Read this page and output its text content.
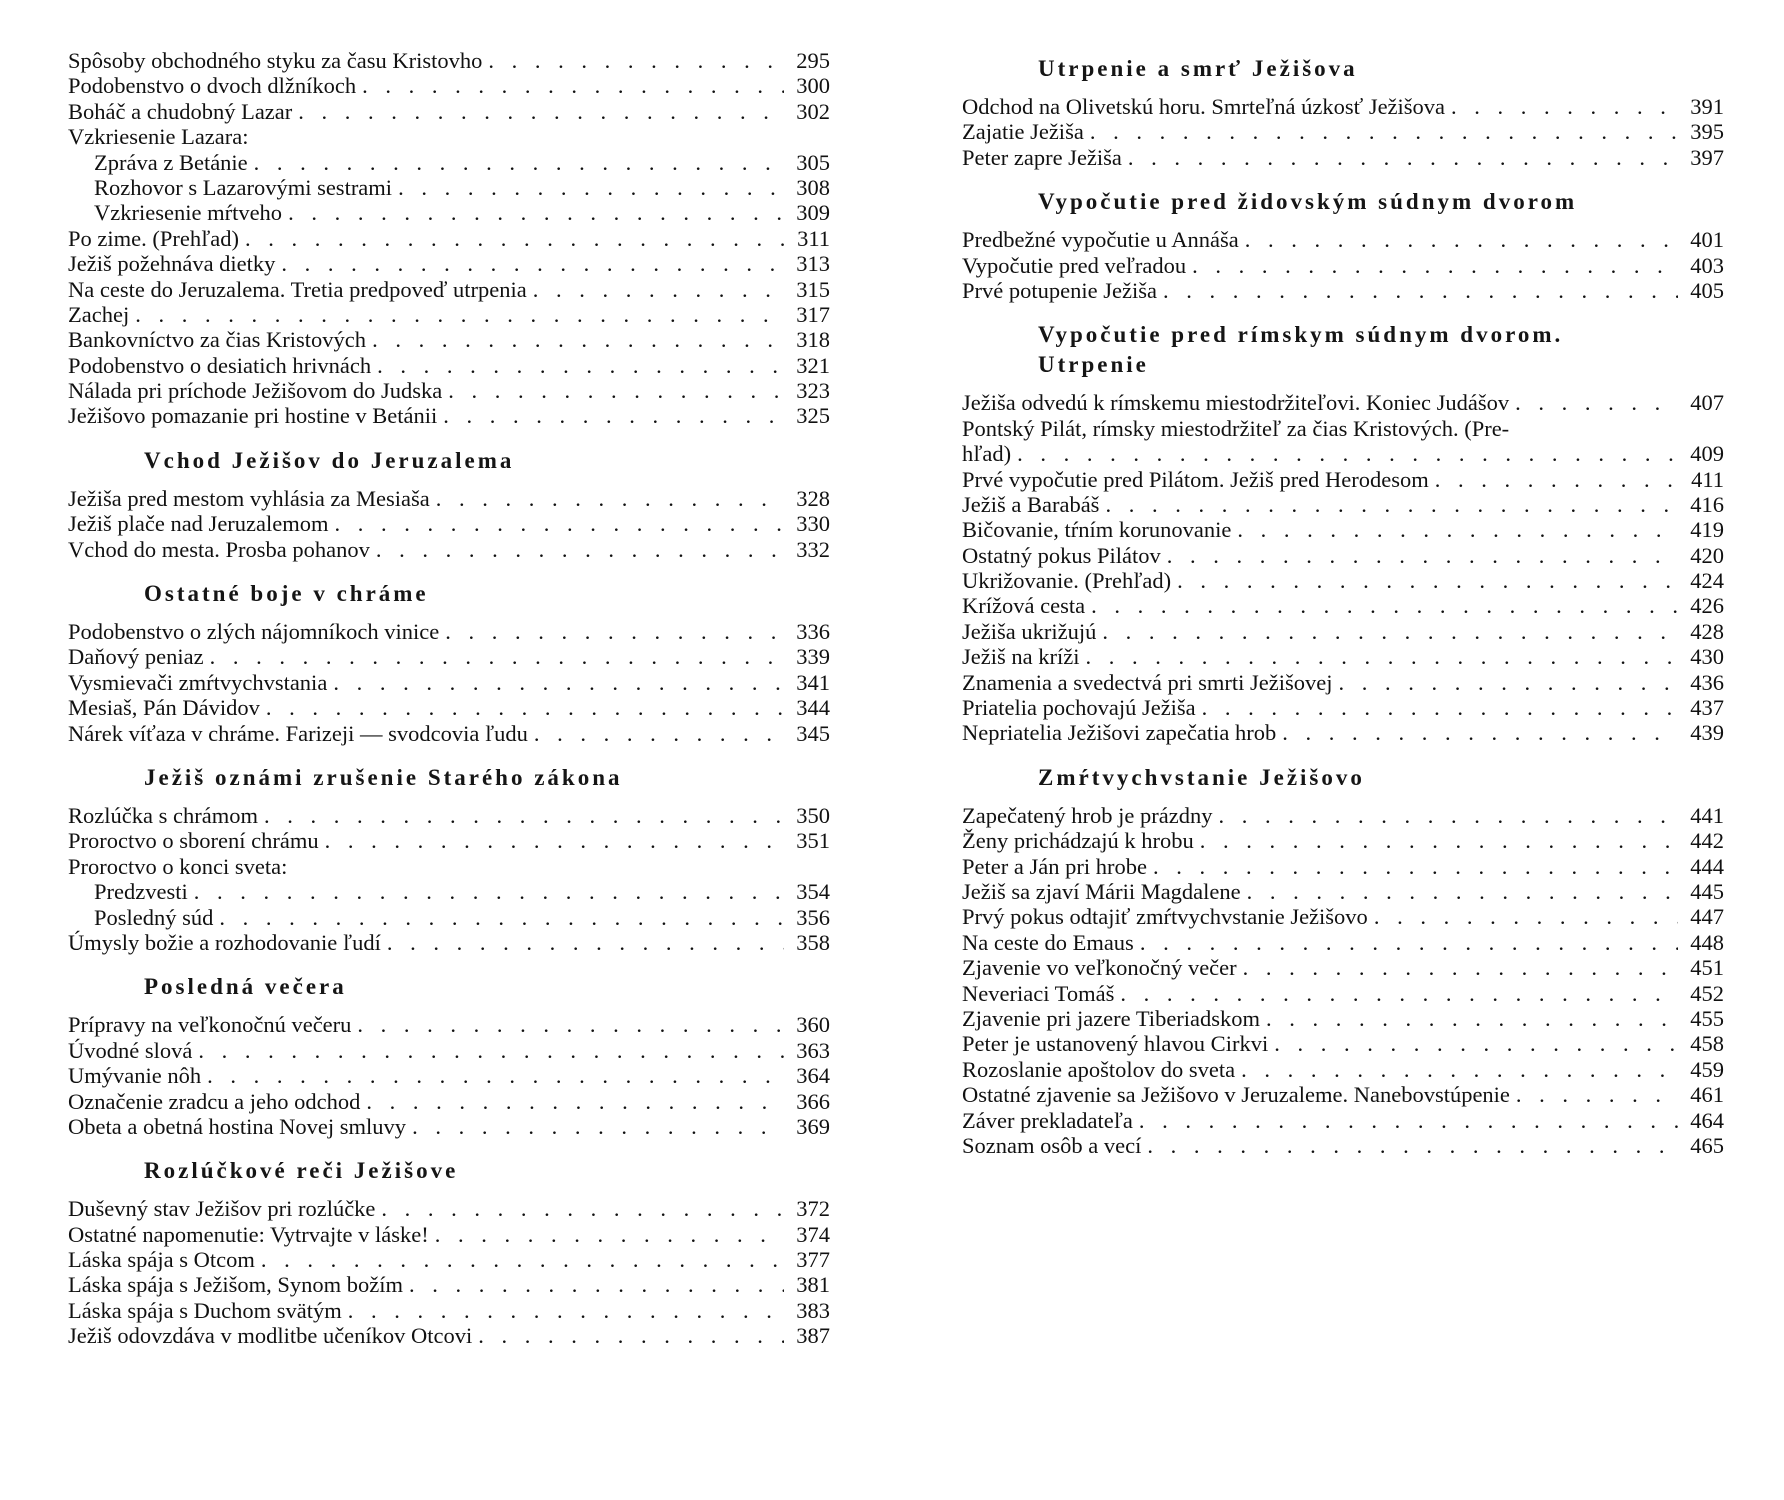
Spôsoby obchodného styku za času Kristovho . . .	295
Podobenstvo o dvoch dlžníkoch . . .	300
Boháč a chudobný Lazar . . .	302
Vzkriesenie Lazara:
Zpráva z Betánie . . .	305
Rozhovor s Lazarovými sestrami . . .	308
Vzkriesenie mŕtveho . . .	309
Po zime. (Prehľad) . . .	311
Ježiš požehnáva dietky . . .	313
Na ceste do Jeruzalema. Tretia predpoveď utrpenia . . .	315
Zachej . . .	317
Bankovníctvo za čias Kristových . . .	318
Podobenstvo o desiatich hrivnách . . .	321
Nálada pri príchode Ježišovom do Judska . . .	323
Ježišovo pomazanie pri hostine v Betánii . . .	325
Vchod Ježišov do Jeruzalema
Ježiša pred mestom vyhlásia za Mesiaša . . .	328
Ježiš plače nad Jeruzalemom . . .	330
Vchod do mesta. Prosba pohanov . . .	332
Ostatné boje v chráme
Podobenstvo o zlých nájomníkoch vinice . . .	336
Daňový peniaz . . .	339
Vysmievači zmŕtvychvstania . . .	341
Mesiaš, Pán Dávidov . . .	344
Nárek víťaza v chráme. Farizeji — svodcovia ľudu . . .	345
Ježiš oznámi zrušenie Starého zákona
Rozlúčka s chrámom . . .	350
Proroctvo o sborení chrámu . . .	351
Proroctvo o konci sveta:
Predzvesti . . .	354
Posledný súd . . .	356
Úmysly božie a rozhodovanie ľudí . . .	358
Posledná večera
Prípravy na veľkonočnú večeru . . .	360
Úvodné slová . . .	363
Umývanie nôh . . .	364
Označenie zradcu a jeho odchod . . .	366
Obeta a obetná hostina Novej smluvy . . .	369
Rozlúčkové reči Ježišove
Duševný stav Ježišov pri rozlúčke . . .	372
Ostatné napomenutie: Vytrvajte v láske! . . .	374
Láska spája s Otcom . . .	377
Láska spája s Ježišom, Synom božím . . .	381
Láska spája s Duchom svätým . . .	383
Ježiš odovzdáva v modlitbe učeníkov Otcovi . . .	387
Utrpenie a smrť Ježišova
Odchod na Olivetskú horu. Smrteľná úzkosť Ježišova . . .	391
Zajatie Ježiša . . .	395
Peter zapre Ježiša . . .	397
Vypočutie pred židovským súdnym dvorom
Predbežné vypočutie u Annáša . . .	401
Vypočutie pred veľradou . . .	403
Prvé potupenie Ježiša . . .	405
Vypočutie pred rímskym súdnym dvorom.
Utrpenie
Ježiša odvedú k rímskemu miestodržiteľovi. Koniec Judášov . . .	407
Pontský Pilát, rímsky miestodržiteľ za čias Kristových. (Pre-
hľad) . . .	409
Prvé vypočutie pred Pilátom. Ježiš pred Herodesom . . .	411
Ježiš a Barabáš . . .	416
Bičovanie, tŕním korunovanie . . .	419
Ostatný pokus Pilátov . . .	420
Ukrižovanie. (Prehľad) . . .	424
Krížová cesta . . .	426
Ježiša ukrižujú . . .	428
Ježiš na kríži . . .	430
Znamenia a svedectvá pri smrti Ježišovej . . .	436
Priatelia pochovajú Ježiša . . .	437
Nepriatelia Ježišovi zapečatia hrob . . .	439
Zmŕtvychvstanie Ježišovo
Zapečatený hrob je prázdny . . .	441
Ženy prichádzajú k hrobu . . .	442
Peter a Ján pri hrobe . . .	444
Ježiš sa zjaví Márii Magdalene . . .	445
Prvý pokus odtajiť zmŕtvychvstanie Ježišovo . . .	447
Na ceste do Emaus . . .	448
Zjavenie vo veľkonočný večer . . .	451
Neveriaci Tomáš . . .	452
Zjavenie pri jazere Tiberiadskom . . .	455
Peter je ustanovený hlavou Cirkvi . . .	458
Rozoslanie apoštolov do sveta . . .	459
Ostatné zjavenie sa Ježišovo v Jeruzaleme. Nanebovstúpenie . . .	461
Záver prekladateľa . . .	464
Soznam osôb a vecí . . .	465
